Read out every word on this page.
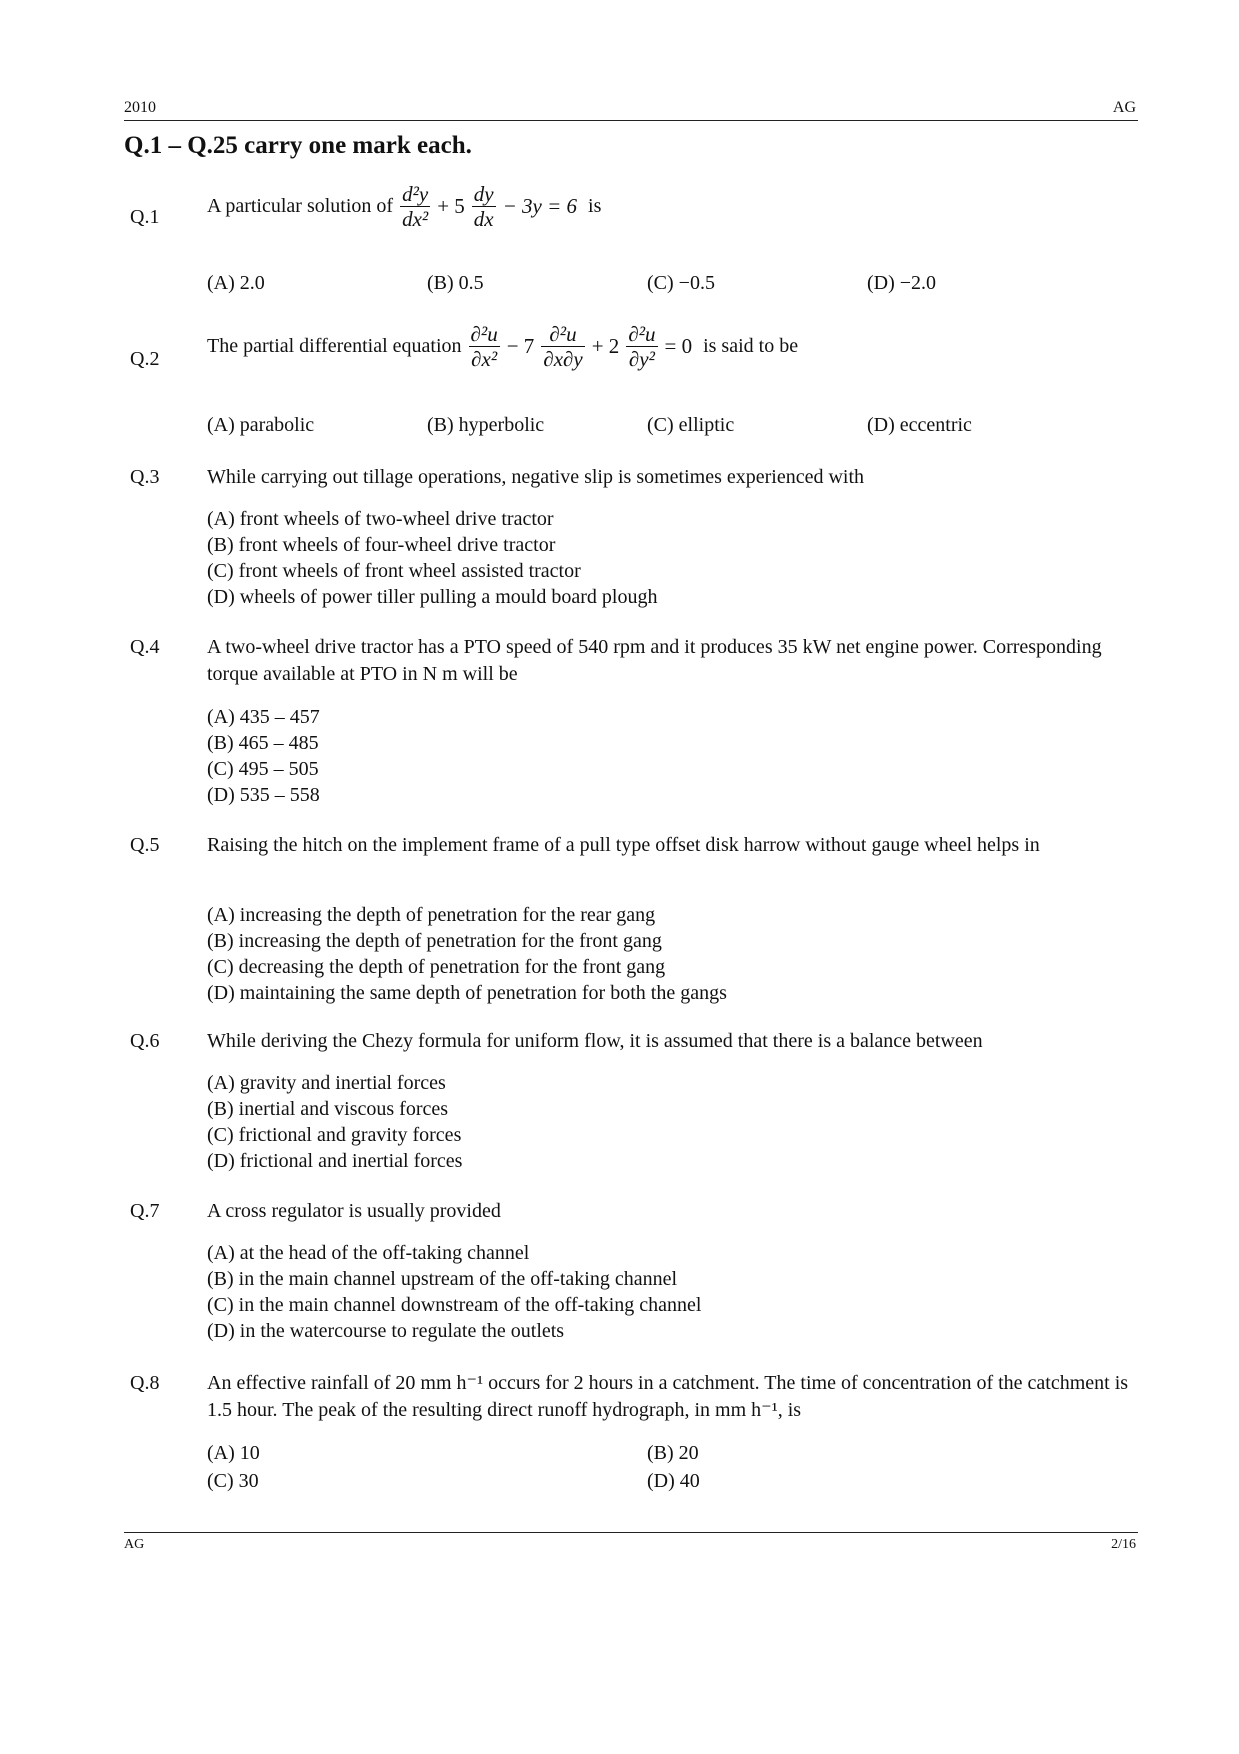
2010	AG
Q.1 – Q.25 carry one mark each.
Q.1	A particular solution of $\frac{\text{d²y}}{\text{dx²}} + 5 \frac{dy}{dx} - 3y = 6$ is
(A) 2.0	(B) 0.5	(C) −0.5	(D) −2.0
Q.2
The partial differential equation $\frac{\text{∂²u}}{\text{∂x²}} - 7 \frac{\text{∂²u}}{\partial x\partial y} + 2 \frac{\text{∂²u}}{\text{∂y²}} = 0$ is said to be
(A) parabolic	(B) hyperbolic	(C) elliptic	(D) eccentric
Q.3	While carrying out tillage operations, negative slip is sometimes experienced with
(A) front wheels of two-wheel drive tractor
(B) front wheels of four-wheel drive tractor
(C) front wheels of front wheel assisted tractor
(D) wheels of power tiller pulling a mould board plough
Q.4	A two-wheel drive tractor has a PTO speed of 540 rpm and it produces 35 kW net engine power. Corresponding torque available at PTO in N m will be
(A) 435 – 457
(B) 465 – 485
(C) 495 – 505
(D) 535 – 558
Q.5	Raising the hitch on the implement frame of a pull type offset disk harrow without gauge wheel helps in
(A) increasing the depth of penetration for the rear gang
(B) increasing the depth of penetration for the front gang
(C) decreasing the depth of penetration for the front gang
(D) maintaining the same depth of penetration for both the gangs
Q.6	While deriving the Chezy formula for uniform flow, it is assumed that there is a balance between
(A) gravity and inertial forces
(B) inertial and viscous forces
(C) frictional and gravity forces
(D) frictional and inertial forces
Q.7	A cross regulator is usually provided
(A) at the head of the off-taking channel
(B) in the main channel upstream of the off-taking channel
(C) in the main channel downstream of the off-taking channel
(D) in the watercourse to regulate the outlets
Q.8	An effective rainfall of 20 mm h⁻¹ occurs for 2 hours in a catchment. The time of concentration of the catchment is 1.5 hour. The peak of the resulting direct runoff hydrograph, in mm h⁻¹, is
(A) 10	(B) 20
(C) 30	(D) 40
AG	2/16
